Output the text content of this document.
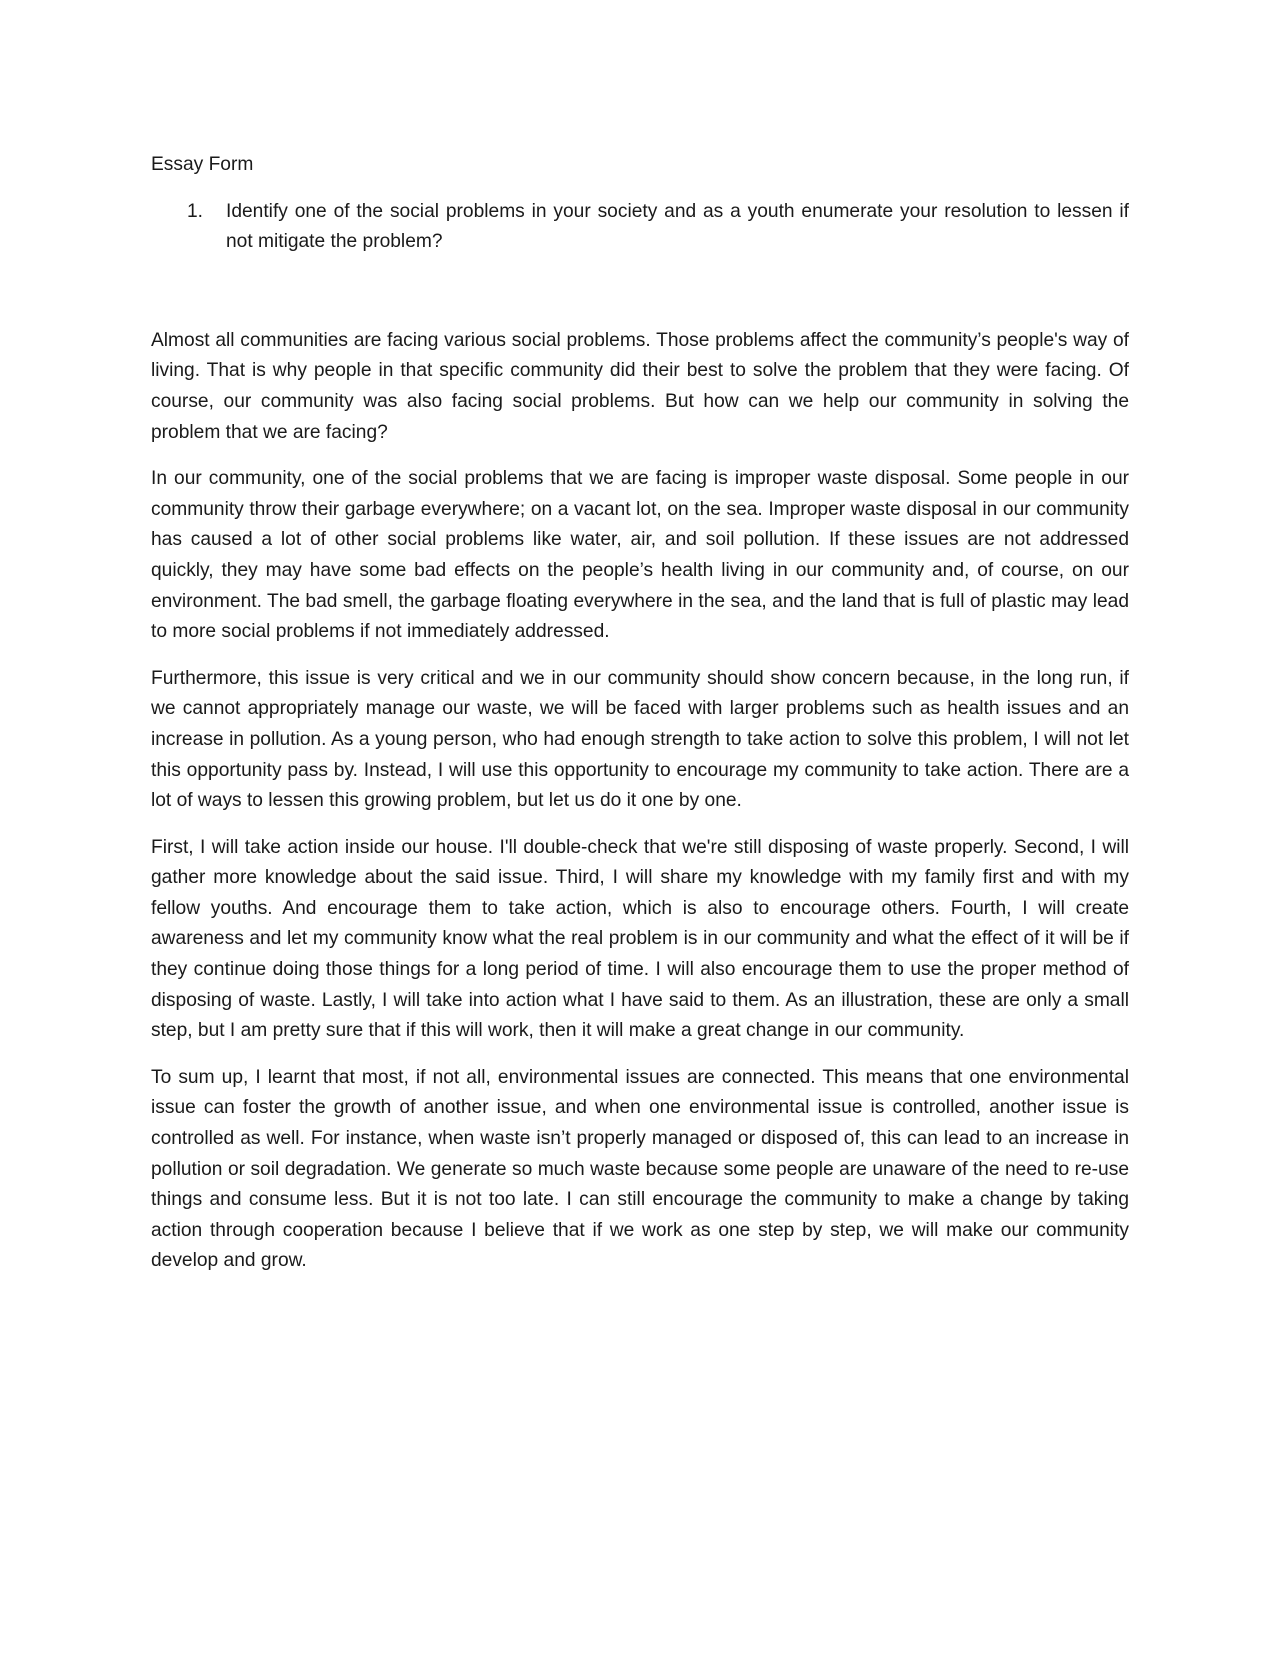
Essay Form
1.	Identify one of the social problems in your society and as a youth enumerate your resolution to lessen if not mitigate the problem?

Almost all communities are facing various social problems. Those problems affect the community’s people's way of living. That is why people in that specific community did their best to solve the problem that they were facing. Of course, our community was also facing social problems. But how can we help our community in solving the problem that we are facing?

In our community, one of the social problems that we are facing is improper waste disposal. Some people in our community throw their garbage everywhere; on a vacant lot, on the sea. Improper waste disposal in our community has caused a lot of other social problems like water, air, and soil pollution. If these issues are not addressed quickly, they may have some bad effects on the people’s health living in our community and, of course, on our environment. The bad smell, the garbage floating everywhere in the sea, and the land that is full of plastic may lead to more social problems if not immediately addressed.

Furthermore, this issue is very critical and we in our community should show concern because, in the long run, if we cannot appropriately manage our waste, we will be faced with larger problems such as health issues and an increase in pollution. As a young person, who had enough strength to take action to solve this problem, I will not let this opportunity pass by. Instead, I will use this opportunity to encourage my community to take action. There are a lot of ways to lessen this growing problem, but let us do it one by one.

First, I will take action inside our house. I'll double-check that we're still disposing of waste properly. Second, I will gather more knowledge about the said issue. Third, I will share my knowledge with my family first and with my fellow youths. And encourage them to take action, which is also to encourage others. Fourth, I will create awareness and let my community know what the real problem is in our community and what the effect of it will be if they continue doing those things for a long period of time. I will also encourage them to use the proper method of disposing of waste. Lastly, I will take into action what I have said to them. As an illustration, these are only a small step, but I am pretty sure that if this will work, then it will make a great change in our community.

To sum up, I learnt that most, if not all, environmental issues are connected. This means that one environmental issue can foster the growth of another issue, and when one environmental issue is controlled, another issue is controlled as well. For instance, when waste isn’t properly managed or disposed of, this can lead to an increase in pollution or soil degradation. We generate so much waste because some people are unaware of the need to re-use things and consume less. But it is not too late. I can still encourage the community to make a change by taking action through cooperation because I believe that if we work as one step by step, we will make our community develop and grow.
